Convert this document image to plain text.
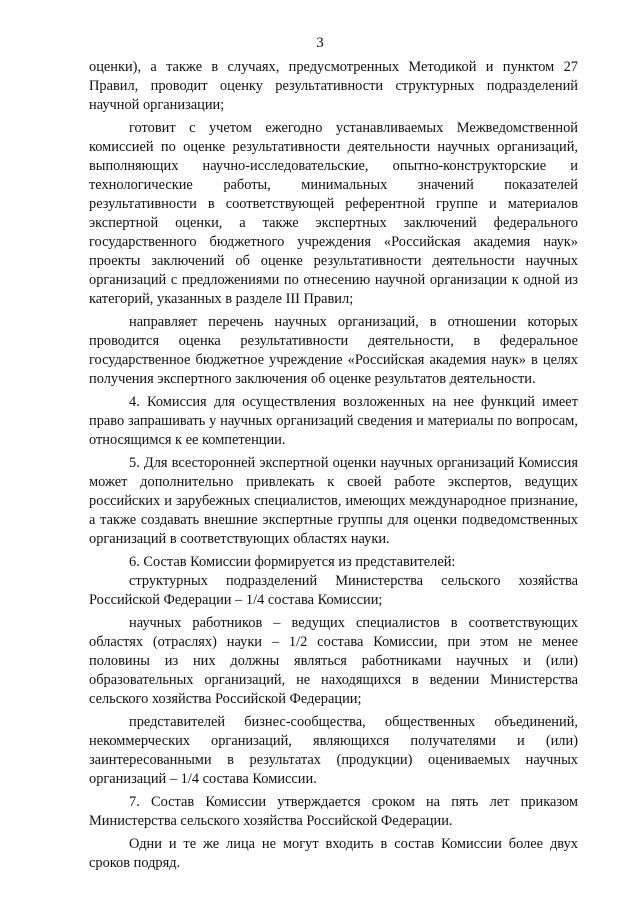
3

оценки), а также в случаях, предусмотренных Методикой и пунктом 27 Правил, проводит оценку результативности структурных подразделений научной организации;

готовит с учетом ежегодно устанавливаемых Межведомственной комиссией по оценке результативности деятельности научных организаций, выполняющих научно-исследовательские, опытно-конструкторские и технологические работы, минимальных значений показателей результативности в соответствующей референтной группе и материалов экспертной оценки, а также экспертных заключений федерального государственного бюджетного учреждения «Российская академия наук» проекты заключений об оценке результативности деятельности научных организаций с предложениями по отнесению научной организации к одной из категорий, указанных в разделе III Правил;

направляет перечень научных организаций, в отношении которых проводится оценка результативности деятельности, в федеральное государственное бюджетное учреждение «Российская академия наук» в целях получения экспертного заключения об оценке результатов деятельности.

4. Комиссия для осуществления возложенных на нее функций имеет право запрашивать у научных организаций сведения и материалы по вопросам, относящимся к ее компетенции.

5. Для всесторонней экспертной оценки научных организаций Комиссия может дополнительно привлекать к своей работе экспертов, ведущих российских и зарубежных специалистов, имеющих международное признание, а также создавать внешние экспертные группы для оценки подведомственных организаций в соответствующих областях науки.

6. Состав Комиссии формируется из представителей:

структурных подразделений Министерства сельского хозяйства Российской Федерации – 1/4 состава Комиссии;

научных работников – ведущих специалистов в соответствующих областях (отраслях) науки – 1/2 состава Комиссии, при этом не менее половины из них должны являться работниками научных и (или) образовательных организаций, не находящихся в ведении Министерства сельского хозяйства Российской Федерации;

представителей бизнес-сообщества, общественных объединений, некоммерческих организаций, являющихся получателями и (или) заинтересованными в результатах (продукции) оцениваемых научных организаций – 1/4 состава Комиссии.

7. Состав Комиссии утверждается сроком на пять лет приказом Министерства сельского хозяйства Российской Федерации.

Одни и те же лица не могут входить в состав Комиссии более двух сроков подряд.
